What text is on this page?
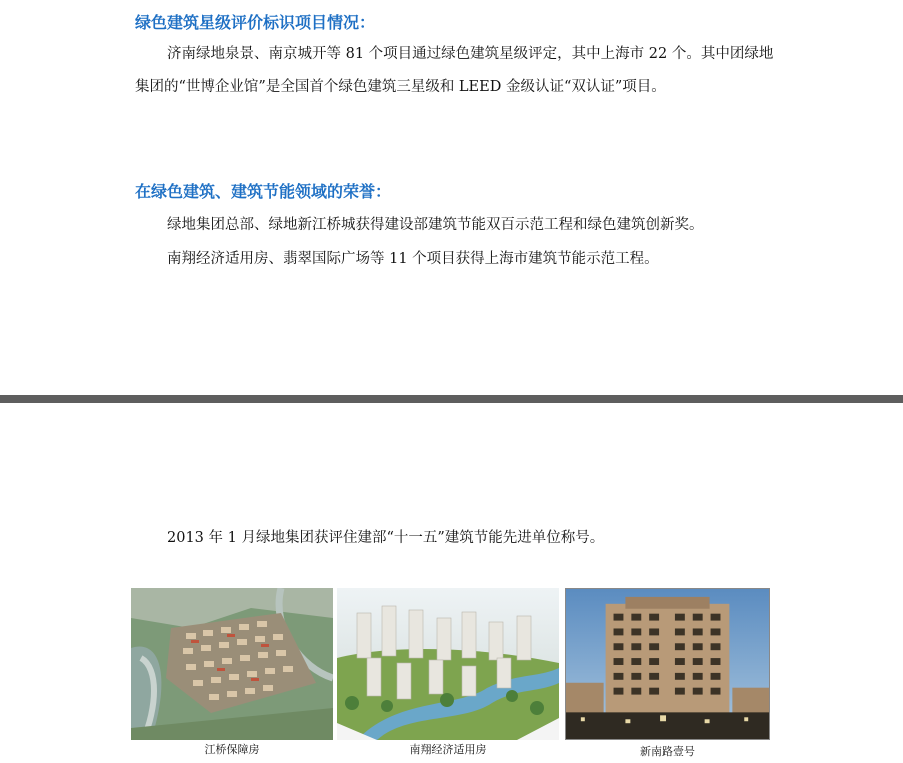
绿色建筑星级评价标识项目情况：

济南绿地泉景、南京城开等 81 个项目通过绿色建筑星级评定，其中上海市 22 个。其中团绿地集团的“世博企业馆”是全国首个绿色建筑三星级和 LEED 金级认证“双认证”项目。

在绿色建筑、建筑节能领域的荣誉：

绿地集团总部、绿地新江桥城获得建设部建筑节能双百示范工程和绿色建筑创新奖。

南翔经济适用房、翡翠国际广场等 11 个项目获得上海市建筑节能示范工程。

2013 年 1 月绿地集团获评住建部“十一五”建筑节能先进单位称号。

江桥保障房	南翔经济适用房	新南路壹号
